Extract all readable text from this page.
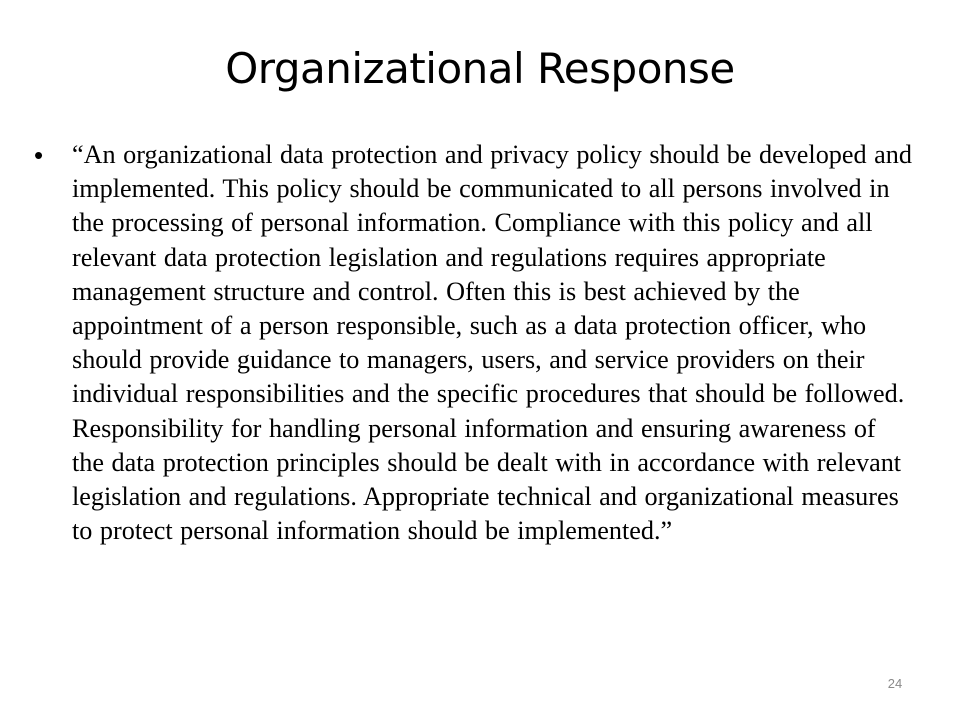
Organizational Response
• “An organizational data protection and privacy policy should be developed and implemented. This policy should be communicated to all persons involved in the processing of personal information. Compliance with this policy and all relevant data protection legislation and regulations requires appropriate management structure and control. Often this is best achieved by the appointment of a person responsible, such as a data protection officer, who should provide guidance to managers, users, and service providers on their individual responsibilities and the specific procedures that should be followed. Responsibility for handling personal information and ensuring awareness of the data protection principles should be dealt with in accordance with relevant legislation and regulations. Appropriate technical and organizational measures to protect personal information should be implemented.”
24
